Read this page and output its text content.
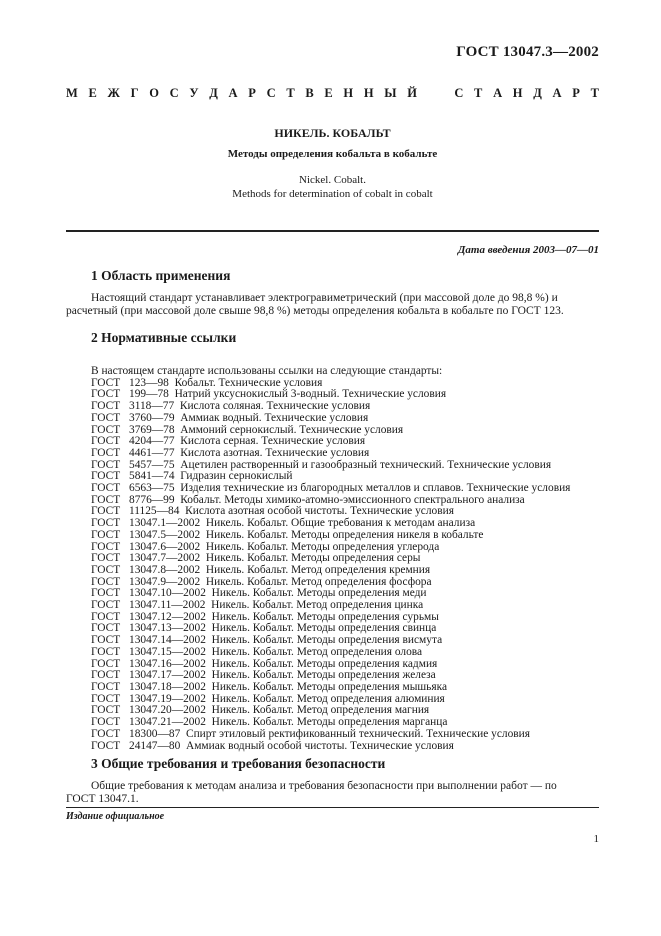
ГОСТ 13047.3—2002
М Е Ж Г О С У Д А Р С Т В Е Н Н Ы Й	С Т А Н Д А Р Т
НИКЕЛЬ. КОБАЛЬТ
Методы определения кобальта в кобальте
Nickel. Cobalt.
Methods for determination of cobalt in cobalt
Дата введения 2003—07—01
1 Область применения
Настоящий стандарт устанавливает электрогравиметрический (при массовой доле до 98,8 %) и
расчетный (при массовой доле свыше 98,8 %) методы определения кобальта в кобальте по ГОСТ 123.
2 Нормативные ссылки
В настоящем стандарте использованы ссылки на следующие стандарты:
ГОСТ 123—98 Кобальт. Технические условия
ГОСТ 199—78 Натрий уксуснокислый 3-водный. Технические условия
ГОСТ 3118—77 Кислота соляная. Технические условия
ГОСТ 3760—79 Аммиак водный. Технические условия
ГОСТ 3769—78 Аммоний сернокислый. Технические условия
ГОСТ 4204—77 Кислота серная. Технические условия
ГОСТ 4461—77 Кислота азотная. Технические условия
ГОСТ 5457—75 Ацетилен растворенный и газообразный технический. Технические условия
ГОСТ 5841—74 Гидразин сернокислый
ГОСТ 6563—75 Изделия технические из благородных металлов и сплавов. Технические условия
ГОСТ 8776—99 Кобальт. Методы химико-атомно-эмиссионного спектрального анализа
ГОСТ 11125—84 Кислота азотная особой чистоты. Технические условия
ГОСТ 13047.1—2002 Никель. Кобальт. Общие требования к методам анализа
ГОСТ 13047.5—2002 Никель. Кобальт. Методы определения никеля в кобальте
ГОСТ 13047.6—2002 Никель. Кобальт. Методы определения углерода
ГОСТ 13047.7—2002 Никель. Кобальт. Методы определения серы
ГОСТ 13047.8—2002 Никель. Кобальт. Метод определения кремния
ГОСТ 13047.9—2002 Никель. Кобальт. Метод определения фосфора
ГОСТ 13047.10—2002 Никель. Кобальт. Методы определения меди
ГОСТ 13047.11—2002 Никель. Кобальт. Метод определения цинка
ГОСТ 13047.12—2002 Никель. Кобальт. Методы определения сурьмы
ГОСТ 13047.13—2002 Никель. Кобальт. Методы определения свинца
ГОСТ 13047.14—2002 Никель. Кобальт. Методы определения висмута
ГОСТ 13047.15—2002 Никель. Кобальт. Метод определения олова
ГОСТ 13047.16—2002 Никель. Кобальт. Методы определения кадмия
ГОСТ 13047.17—2002 Никель. Кобальт. Методы определения железа
ГОСТ 13047.18—2002 Никель. Кобальт. Методы определения мышьяка
ГОСТ 13047.19—2002 Никель. Кобальт. Метод определения алюминия
ГОСТ 13047.20—2002 Никель. Кобальт. Метод определения магния
ГОСТ 13047.21—2002 Никель. Кобальт. Методы определения марганца
ГОСТ 18300—87 Спирт этиловый ректификованный технический. Технические условия
ГОСТ 24147—80 Аммиак водный особой чистоты. Технические условия
3 Общие требования и требования безопасности
Общие требования к методам анализа и требования безопасности при выполнении работ — по
ГОСТ 13047.1.
Издание официальное
1
